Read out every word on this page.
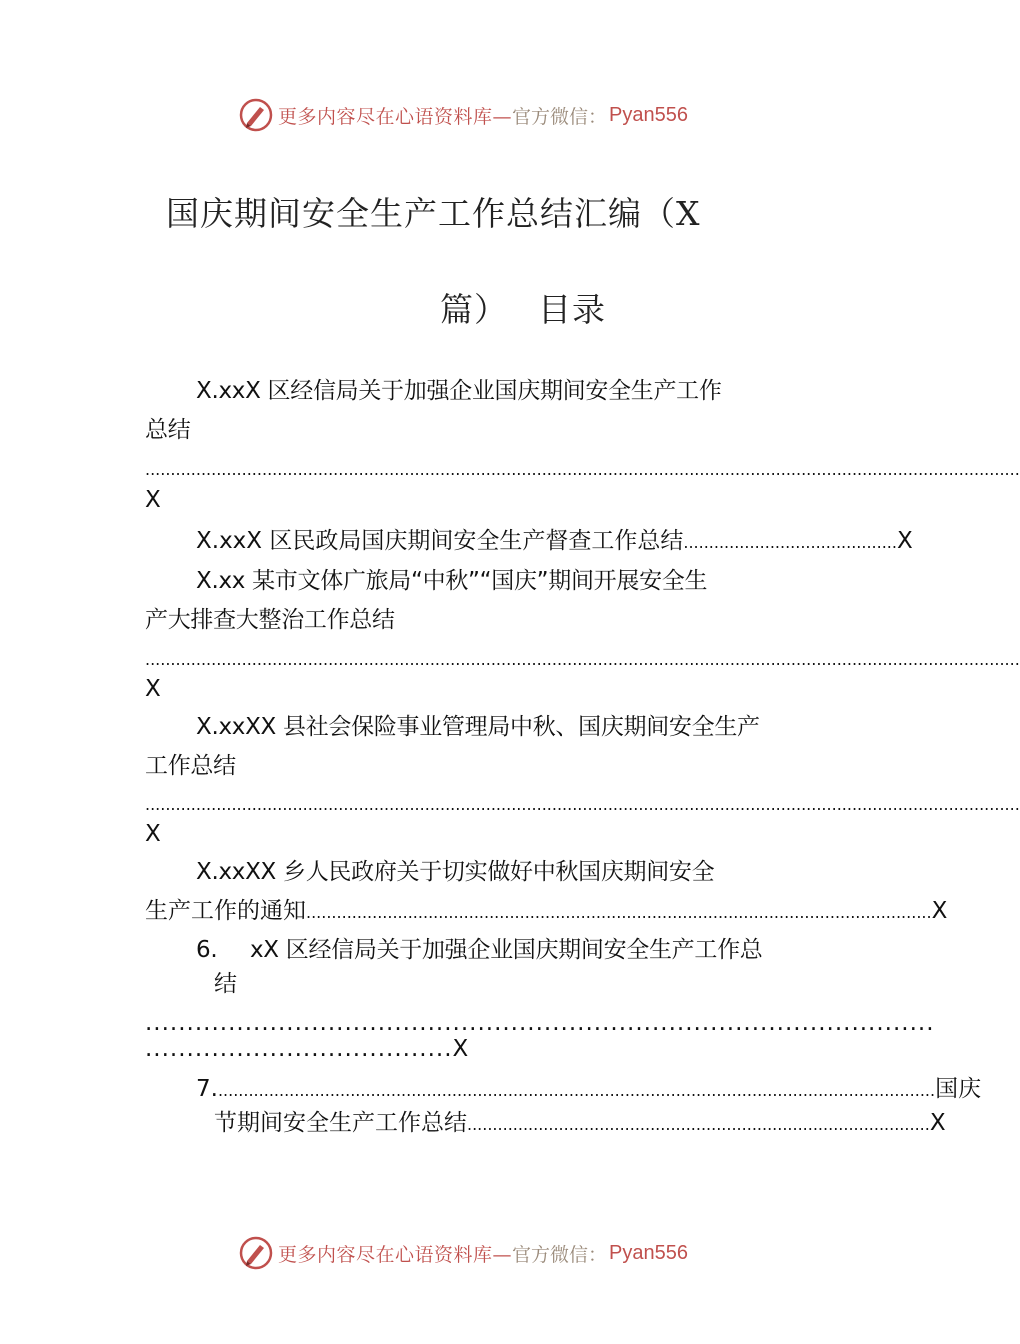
更多内容尽在心语资料库— 官方微信： Pyan556
国庆期间安全生产工作总结汇编（X
篇） 目录
X.xxX 区经信局关于加强企业国庆期间安全生产工作
总结
............................................................................................................................................................................
X
X.xxX 区民政局国庆期间安全生产督查工作总结 .......................................... X
X.xx 某市文体广旅局“中秋”“国庆”期间开展安全生
产大排查大整治工作总结
............................................................................................................................................................................
X
X.xxXX 县社会保险事业管理局中秋、国庆期间安全生产
工作总结
............................................................................................................................................................................
X
X.xxXX 乡人民政府关于切实做好中秋国庆期间安全
生产工作的通知 ........................................................................................................................... X
6. xX 区经信局关于加强企业国庆期间安全生产工作总
结
...............................................................................................
..................................... X
7. ............................................................................................................................................. 国庆
节期间安全生产工作总结 ........................................................................................... X
更多内容尽在心语资料库— 官方微信： Pyan556
